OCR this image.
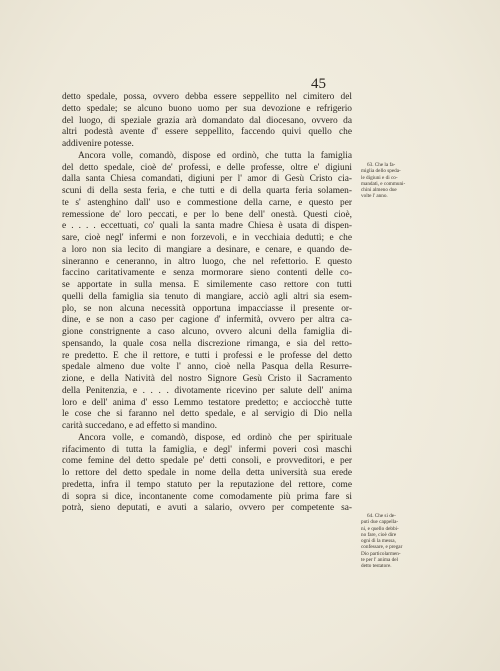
45
detto spedale, possa, ovvero debba essere seppellito nel cimitero del
detto spedale; se alcuno buono uomo per sua devozione e refrigerio
del luogo, di speziale grazia arà domandato dal diocesano, ovvero da
altri podestà avente d' essere seppellito, faccendo quivi quello che
addivenire potesse.
Ancora volle, comandò, dispose ed ordinò, che tutta la famiglia
del detto spedale, cioè de' professi, e delle professe, oltre e' digiuni
dalla santa Chiesa comandati, digiuni per l' amor di Gesù Cristo cia-
scuni di della sesta feria, e che tutti e di della quarta feria solamen-
te s' astenghino dall' uso e commestione della carne, e questo per
remessione de' loro peccati, e per lo bene dell' onestà. Questi cioè,
e . . . . eccettuati, co' quali la santa madre Chiesa è usata di dispen-
sare, cioè negl' infermi e non forzevoli, e in vecchiaia deduttì; e che
a loro non sia lecito di mangiare a desinare, e cenare, e quando de-
sineranno e ceneranno, in altro luogo, che nel refettorio. E questo
faccino caritativamente e senza mormorare sieno contenti delle co-
se apportate in sulla mensa. E similemente caso rettore con tutti
quelli della famiglia sia tenuto di mangiare, acciò agli altri sia esem-
plo, se non alcuna necessità opportuna impacciasse il presente or-
dine, e se non a caso per cagione d' infermità, ovvero per altra ca-
gione constrignente a caso alcuno, ovvero alcuni della famiglia di-
spensando, la quale cosa nella discrezione rimanga, e sia del retto-
re predetto. E che il rettore, e tutti i professi e le professe del detto
spedale almeno due volte l' anno, cioè nella Pasqua della Resurre-
zione, e della Natività del nostro Signore Gesù Cristo il Sacramento
della Penitenzia, e . . . . divotamente ricevino per salute dell' anima
loro e dell' anima d' esso Lemmo testatore predetto; e acciocchè tutte
le cose che si faranno nel detto spedale, e al servigio di Dio nella
carità succedano, e ad effetto si mandino.
Ancora volle, e comandò, dispose, ed ordinò che per spirituale
rifacimento di tutta la famiglia, e degl' infermi poveri così maschi
come femine del detto spedale pe' detti consoli, e provveditori, e per
lo rettore del detto spedale in nome della detta università sua erede
predetta, infra il tempo statuto per la reputazione del rettore, come
di sopra si dice, incontanente come comodamente più prima fare si
potrà, sieno deputati, e avuti a salario, ovvero per competente sa-
63. Che la fa-
miglia dello speda-
le digiuni e di co-
mandati, e communi-
chini almeno due
volte l' anno.
64. Che si de-
puti due cappella-
ni, e quello debbi-
no fare, cioè dire
ogni di la messa,
confessare, e pregar
Dio particolarmen-
te per l' anima del
detto testatore.
